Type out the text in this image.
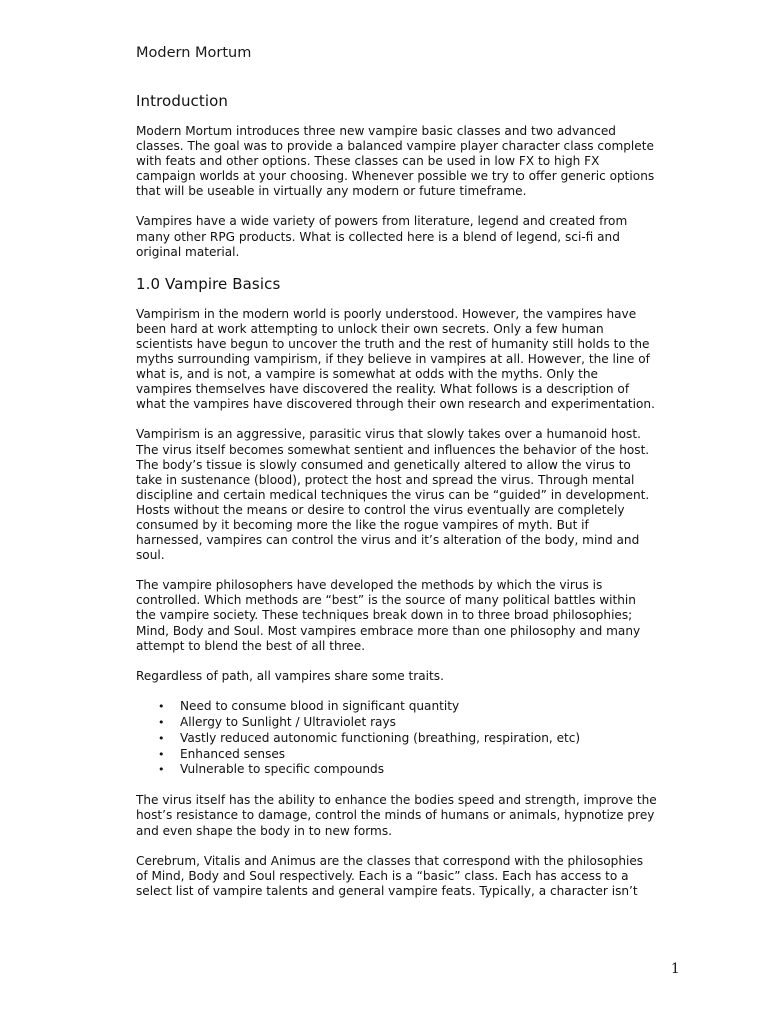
Modern Mortum
Introduction

Modern Mortum introduces three new vampire basic classes and two advanced
classes. The goal was to provide a balanced vampire player character class complete
with feats and other options. These classes can be used in low FX to high FX
campaign worlds at your choosing. Whenever possible we try to offer generic options
that will be useable in virtually any modern or future timeframe.

Vampires have a wide variety of powers from literature, legend and created from
many other RPG products. What is collected here is a blend of legend, sci-fi and
original material.

1.0 Vampire Basics

Vampirism in the modern world is poorly understood. However, the vampires have
been hard at work attempting to unlock their own secrets. Only a few human
scientists have begun to uncover the truth and the rest of humanity still holds to the
myths surrounding vampirism, if they believe in vampires at all. However, the line of
what is, and is not, a vampire is somewhat at odds with the myths. Only the
vampires themselves have discovered the reality. What follows is a description of
what the vampires have discovered through their own research and experimentation.

Vampirism is an aggressive, parasitic virus that slowly takes over a humanoid host.
The virus itself becomes somewhat sentient and influences the behavior of the host.
The body’s tissue is slowly consumed and genetically altered to allow the virus to
take in sustenance (blood), protect the host and spread the virus. Through mental
discipline and certain medical techniques the virus can be “guided” in development.
Hosts without the means or desire to control the virus eventually are completely
consumed by it becoming more the like the rogue vampires of myth. But if
harnessed, vampires can control the virus and it’s alteration of the body, mind and
soul.

The vampire philosophers have developed the methods by which the virus is
controlled. Which methods are “best” is the source of many political battles within
the vampire society. These techniques break down in to three broad philosophies;
Mind, Body and Soul. Most vampires embrace more than one philosophy and many
attempt to blend the best of all three.

Regardless of path, all vampires share some traits.

• Need to consume blood in significant quantity
• Allergy to Sunlight / Ultraviolet rays
• Vastly reduced autonomic functioning (breathing, respiration, etc)
• Enhanced senses
• Vulnerable to specific compounds

The virus itself has the ability to enhance the bodies speed and strength, improve the
host’s resistance to damage, control the minds of humans or animals, hypnotize prey
and even shape the body in to new forms.

Cerebrum, Vitalis and Animus are the classes that correspond with the philosophies
of Mind, Body and Soul respectively. Each is a “basic” class. Each has access to a
select list of vampire talents and general vampire feats. Typically, a character isn’t

1
